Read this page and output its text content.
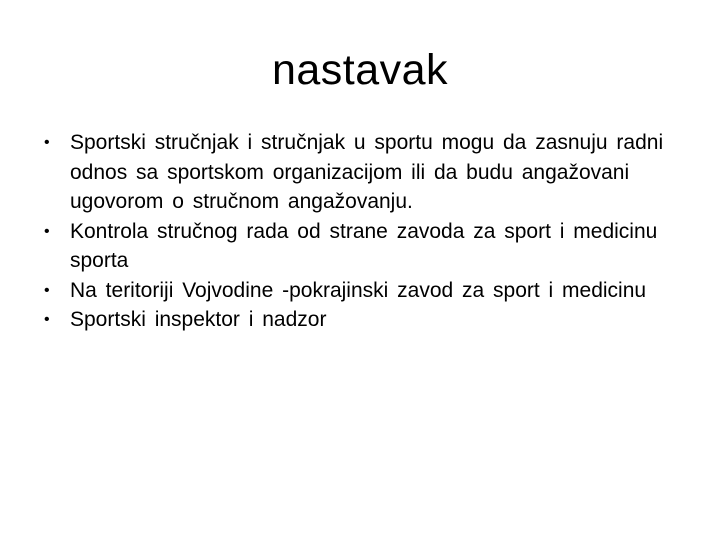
nastavak
• Sportski stručnjak i stručnjak u sportu mogu da zasnuju radni odnos sa sportskom organizacijom ili da budu angažovani ugovorom o stručnom angažovanju.
• Kontrola stručnog rada od strane zavoda za sport i medicinu sporta
• Na teritoriji Vojvodine -pokrajinski zavod za sport i medicinu
• Sportski inspektor i nadzor
